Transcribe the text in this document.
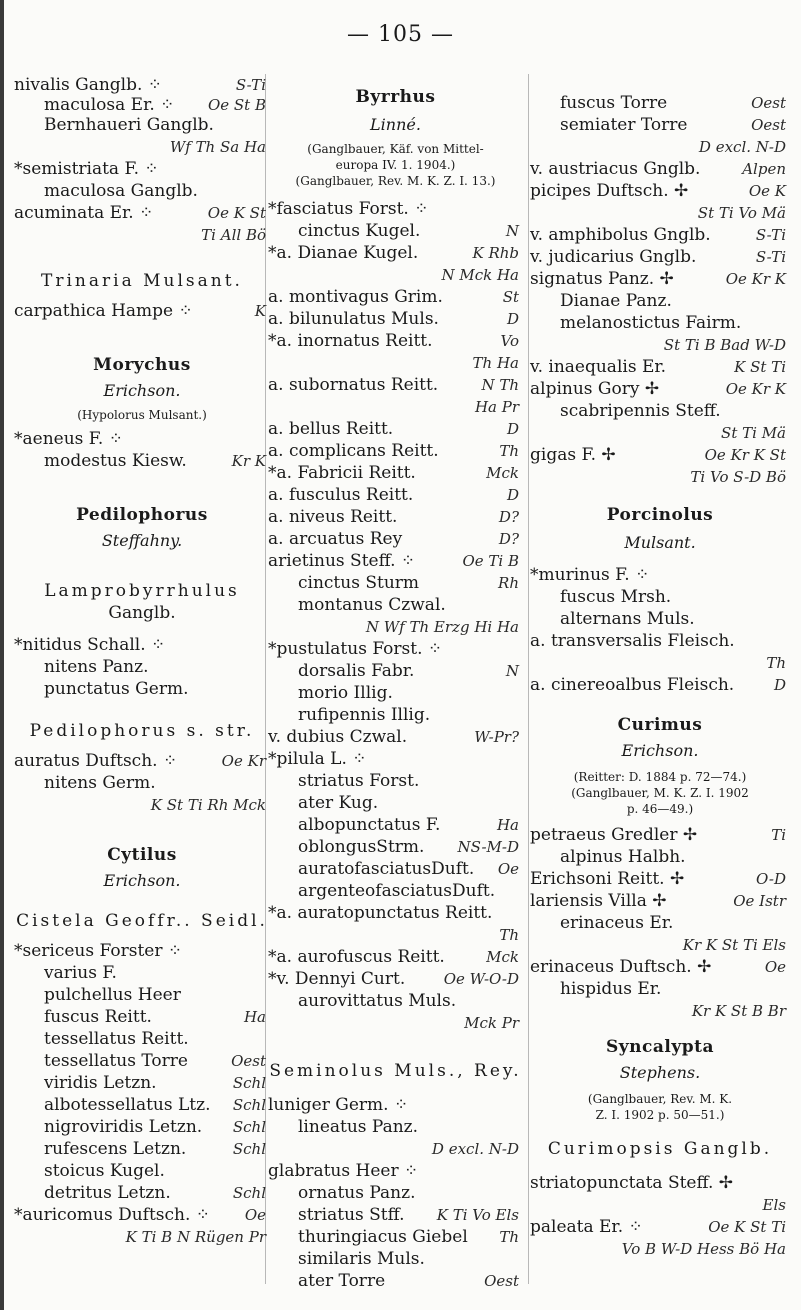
— 105 —
nivalis Ganglb. ⁘	S-Ti
maculosa Er. ⁘ Oe St B
Bernhaueri Ganglb.
Wf Th Sa Ha
*semistriata F. ⁘
maculosa Ganglb.
acuminata Er. ⁘	Oe K St
Ti All Bö
Trinaria Mulsant.
carpathica Hampe ⁘	K
Morychus
Erichson.
(Hypolorus Mulsant.)
*aeneus F. ⁘
modestus Kiesw.	Kr K
Pedilophorus
Steffahny.
Lamprobyrrhulus
Ganglb.
*nitidus Schall. ⁘
nitens Panz.
punctatus Germ.
Pedilophorus s. str.
auratus Duftsch. ⁘	Oe Kr
nitens Germ.
K St Ti Rh Mck
Cytilus
Erichson.
Cistela Geoffr.. Seidl.
*sericeus Forster ⁘
varius F.
pulchellus Heer
fuscus Reitt.	Ha
tessellatus Reitt.
tessellatus Torre	Oest
viridis Letzn.	Schl
albotessellatus Ltz. Schl
nigroviridis Letzn. Schl
rufescens Letzn.	Schl
stoicus Kugel.
detritus Letzn.	Schl
*auricomus Duftsch. ⁘ Oe
K Ti B N Rügen Pr
Byrrhus
Linné.
(Ganglbauer, Käf. von Mittel-
europa IV. 1. 1904.)
(Ganglbauer, Rev. M. K. Z. I. 13.)
*fasciatus Forst. ⁘
cinctus Kugel.	N
*a. Dianae Kugel.	K Rhb
N Mck Ha
a. montivagus Grim.	St
a. bilunulatus Muls.	D
*a. inornatus Reitt.	Vo
Th Ha
a. subornatus Reitt.	N Th
Ha Pr
a. bellus Reitt.	D
a. complicans Reitt.	Th
*a. Fabricii Reitt.	Mck
a. fusculus Reitt.	D
a. niveus Reitt.	D?
a. arcuatus Rey	D?
arietinus Steff. ⁘	Oe Ti B
cinctus Sturm	Rh
montanus Czwal.
N Wf Th Erzg Hi Ha
*pustulatus Forst. ⁘
dorsalis Fabr.	N
morio Illig.
rufipennis Illig.
v. dubius Czwal.	W-Pr?
*pilula L. ⁘
striatus Forst.
ater Kug.
albopunctatus F.	Ha
oblongusStrm. NS-M-D
auratofasciatusDuft. Oe
argenteofasciatusDuft.
*a. auratopunctatus Reitt.
Th
*a. aurofuscus Reitt.	Mck
*v. Dennyi Curt.	Oe W-O-D
aurovittatus Muls.
Mck Pr
Seminolus Muls., Rey.
luniger Germ. ⁘
lineatus Panz.
D excl. N-D
glabratus Heer ⁘
ornatus Panz.
striatus Stff. K Ti Vo Els
thuringiacus Giebel Th
similaris Muls.
ater Torre	Oest
fuscus Torre	Oest
semiater Torre	Oest
D excl. N-D
v. austriacus Gnglb.	Alpen
picipes Duftsch. ✢	Oe K
St Ti Vo Mä
v. amphibolus Gnglb.	S-Ti
v. judicarius Gnglb.	S-Ti
signatus Panz. ✢	Oe Kr K
Dianae Panz.
melanostictus Fairm.
St Ti B Bad W-D
v. inaequalis Er.	K St Ti
alpinus Gory ✢	Oe Kr K
scabripennis Steff.
St Ti Mä
gigas F. ✢	Oe Kr K St
Ti Vo S-D Bö
Porcinolus
Mulsant.
*murinus F. ⁘
fuscus Mrsh.
alternans Muls.
a. transversalis Fleisch.
Th
a. cinereoalbus Fleisch.	D
Curimus
Erichson.
(Reitter: D. 1884 p. 72—74.)
(Ganglbauer, M. K. Z. I. 1902
p. 46—49.)
petraeus Gredler ✢	Ti
alpinus Halbh.
Erichsoni Reitt. ✢	O-D
lariensis Villa ✢	Oe Istr
erinaceus Er.
Kr K St Ti Els
erinaceus Duftsch. ✢	Oe
hispidus Er.
Kr K St B Br
Syncalypta
Stephens.
(Ganglbauer, Rev. M. K.
Z. I. 1902 p. 50—51.)
Curimopsis Ganglb.
striatopunctata Steff. ✢
Els
paleata Er. ⁘	Oe K St Ti
Vo B W-D Hess Bö Ha
